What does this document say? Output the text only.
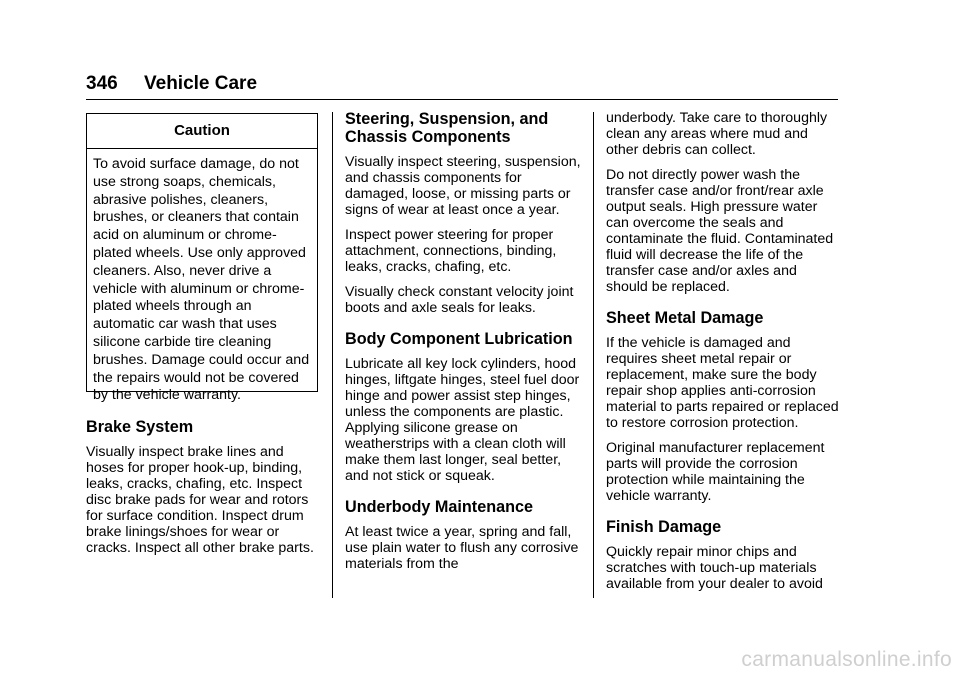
346 Vehicle Care
Caution
To avoid surface damage, do not use strong soaps, chemicals, abrasive polishes, cleaners, brushes, or cleaners that contain acid on aluminum or chrome-plated wheels. Use only approved cleaners. Also, never drive a vehicle with aluminum or chrome-plated wheels through an automatic car wash that uses silicone carbide tire cleaning brushes. Damage could occur and the repairs would not be covered by the vehicle warranty.
Brake System

Visually inspect brake lines and hoses for proper hook-up, binding, leaks, cracks, chafing, etc. Inspect disc brake pads for wear and rotors for surface condition. Inspect drum brake linings/shoes for wear or cracks. Inspect all other brake parts.

Steering, Suspension, and Chassis Components

Visually inspect steering, suspension, and chassis components for damaged, loose, or missing parts or signs of wear at least once a year.

Inspect power steering for proper attachment, connections, binding, leaks, cracks, chafing, etc.

Visually check constant velocity joint boots and axle seals for leaks.

Body Component Lubrication

Lubricate all key lock cylinders, hood hinges, liftgate hinges, steel fuel door hinge and power assist step hinges, unless the components are plastic. Applying silicone grease on weatherstrips with a clean cloth will make them last longer, seal better, and not stick or squeak.

Underbody Maintenance

At least twice a year, spring and fall, use plain water to flush any corrosive materials from the

underbody. Take care to thoroughly clean any areas where mud and other debris can collect.

Do not directly power wash the transfer case and/or front/rear axle output seals. High pressure water can overcome the seals and contaminate the fluid. Contaminated fluid will decrease the life of the transfer case and/or axles and should be replaced.

Sheet Metal Damage

If the vehicle is damaged and requires sheet metal repair or replacement, make sure the body repair shop applies anti-corrosion material to parts repaired or replaced to restore corrosion protection.

Original manufacturer replacement parts will provide the corrosion protection while maintaining the vehicle warranty.

Finish Damage

Quickly repair minor chips and scratches with touch-up materials available from your dealer to avoid

carmanualsonline.info
